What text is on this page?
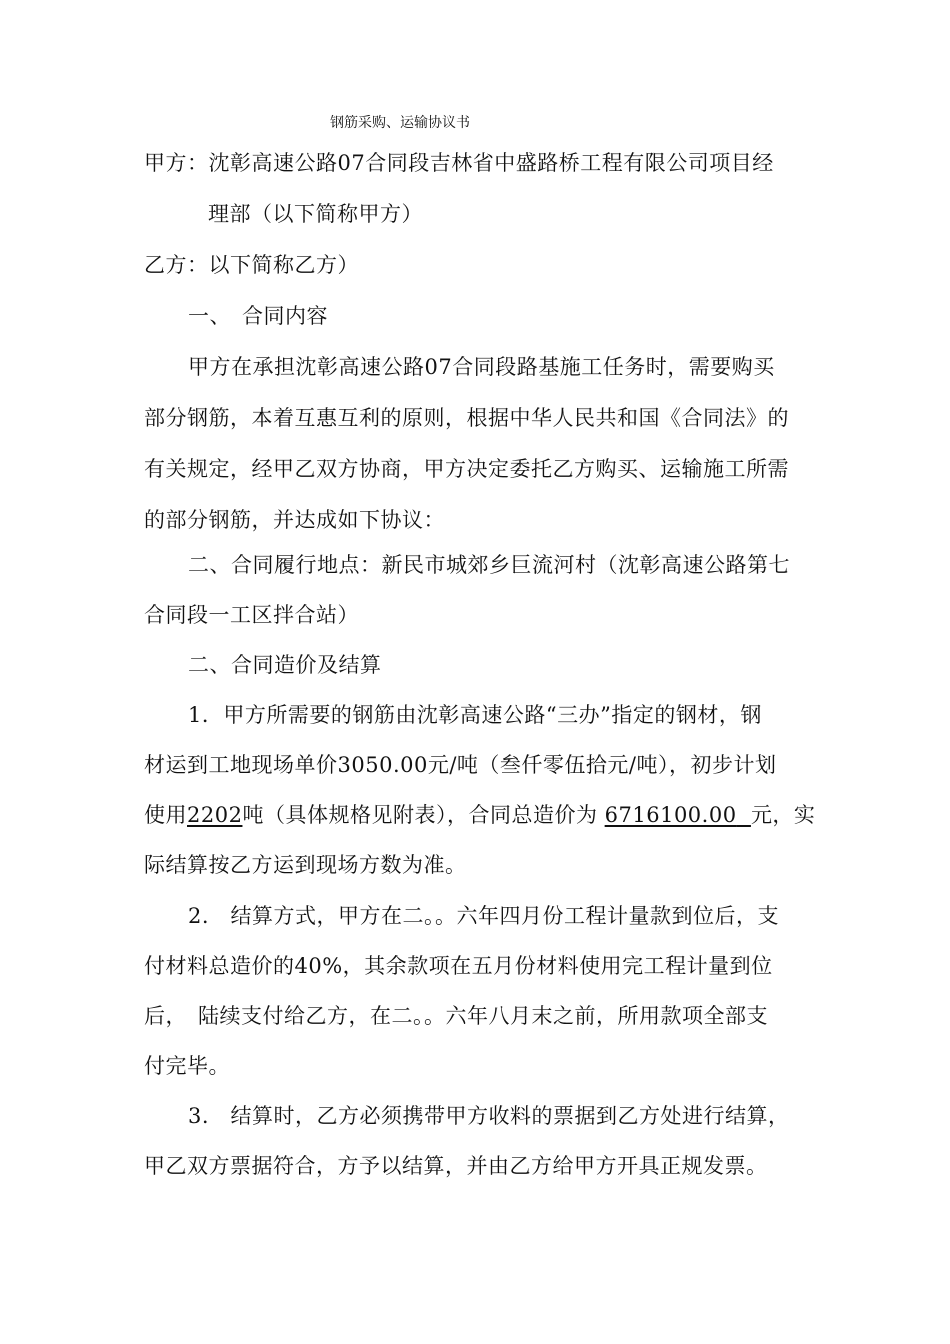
钢筋采购、运输协议书
甲方：沈彰高速公路07合同段吉林省中盛路桥工程有限公司项目经
理部（以下简称甲方）
乙方：以下简称乙方）
一、　合同内容
甲方在承担沈彰高速公路07合同段路基施工任务时，需要购买
部分钢筋，本着互惠互利的原则，根据中华人民共和国《合同法》的
有关规定，经甲乙双方协商，甲方决定委托乙方购买、运输施工所需
的部分钢筋，并达成如下协议：
二、合同履行地点：新民市城郊乡巨流河村（沈彰高速公路第七
合同段一工区拌合站）
二、合同造价及结算
1．甲方所需要的钢筋由沈彰高速公路“三办”指定的钢材，钢
材运到工地现场单价3050.00元/吨（叁仟零伍拾元/吨），初步计划
使用2202吨（具体规格见附表），合同总造价为 6716100.00 元，实
际结算按乙方运到现场方数为准。
2.　结算方式，甲方在二。。六年四月份工程计量款到位后，支
付材料总造价的40%，其余款项在五月份材料使用完工程计量到位
后，　陆续支付给乙方，在二。。六年八月末之前，所用款项全部支
付完毕。
3.　结算时，乙方必须携带甲方收料的票据到乙方处进行结算，
甲乙双方票据符合，方予以结算，并由乙方给甲方开具正规发票。
